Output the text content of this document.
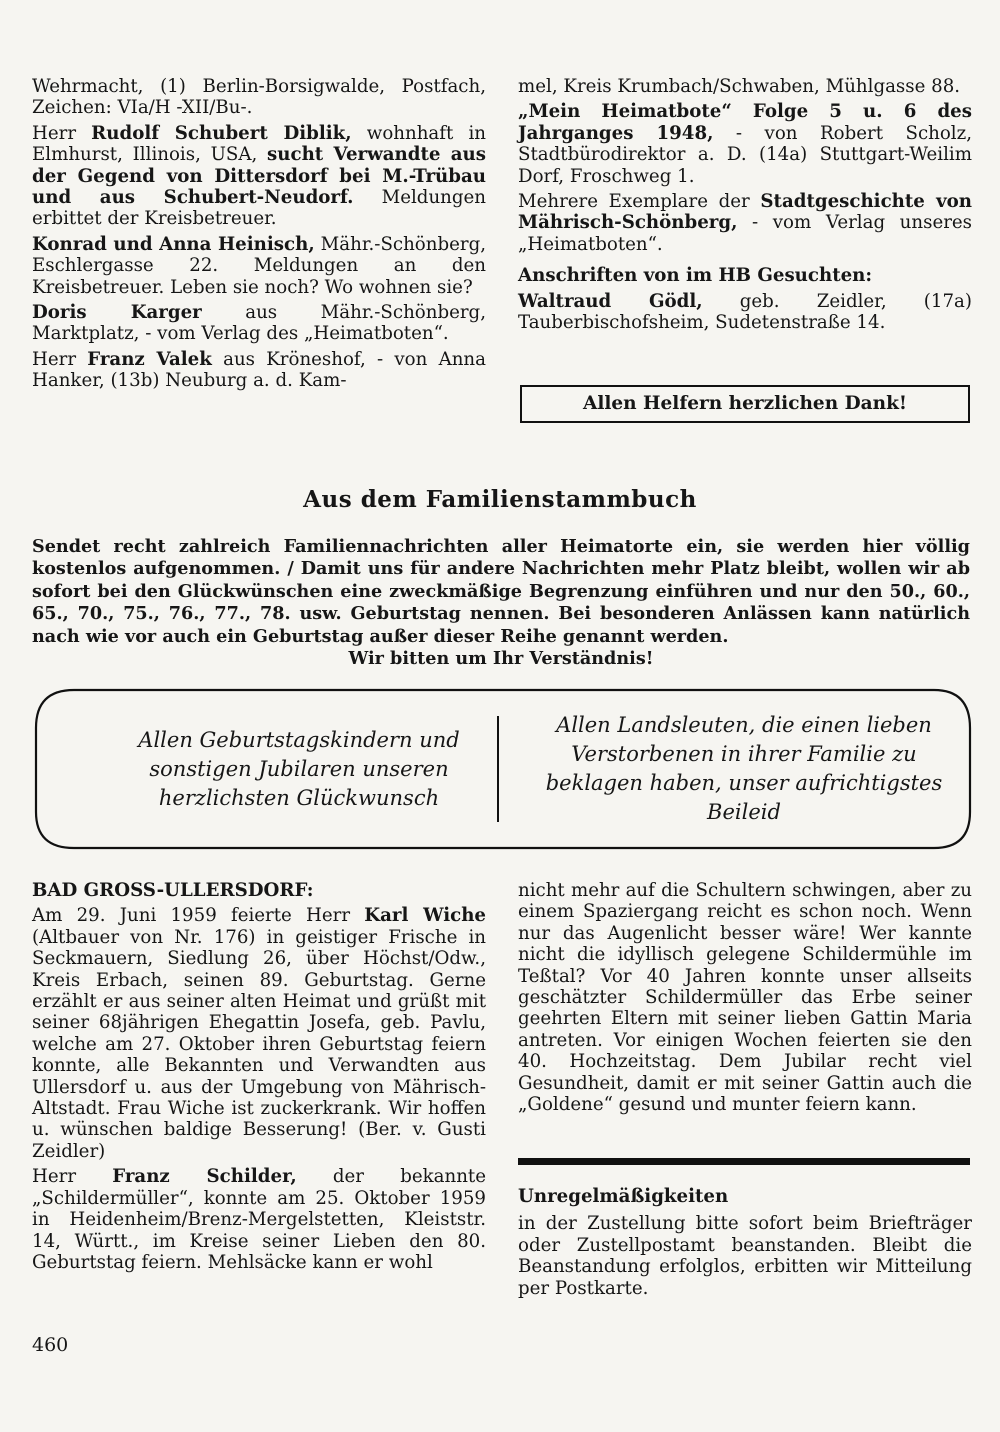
Wehrmacht, (1) Berlin-Borsigwalde, Postfach, Zeichen: VIa/H -XII/Bu-.

Herr Rudolf Schubert Diblik, wohnhaft in Elmhurst, Illinois, USA, sucht Verwandte aus der Gegend von Dittersdorf bei M.-Trübau und aus Schubert-Neudorf. Meldungen erbittet der Kreisbetreuer.

Konrad und Anna Heinisch, Mähr.-Schönberg, Eschlergasse 22. Meldungen an den Kreisbetreuer. Leben sie noch? Wo wohnen sie?

Doris Karger aus Mähr.-Schönberg, Marktplatz, - vom Verlag des „Heimatboten“.

Herr Franz Valek aus Kröneshof, - von Anna Hanker, (13b) Neuburg a. d. Kam-

mel, Kreis Krumbach/Schwaben, Mühlgasse 88.

„Mein Heimatbote“ Folge 5 u. 6 des Jahrganges 1948, - von Robert Scholz, Stadtbürodirektor a. D. (14a) Stuttgart-Weilim Dorf, Froschweg 1.

Mehrere Exemplare der Stadtgeschichte von Mährisch-Schönberg, - vom Verlag unseres „Heimatboten“.

Anschriften von im HB Gesuchten:

Waltraud Gödl, geb. Zeidler, (17a) Tauberbischofsheim, Sudetenstraße 14.

Allen Helfern herzlichen Dank!
Aus dem Familienstammbuch
Sendet recht zahlreich Familiennachrichten aller Heimatorte ein, sie werden hier völlig kostenlos aufgenommen. / Damit uns für andere Nachrichten mehr Platz bleibt, wollen wir ab sofort bei den Glückwünschen eine zweckmäßige Begrenzung einführen und nur den 50., 60., 65., 70., 75., 76., 77., 78. usw. Geburtstag nennen. Bei besonderen Anlässen kann natürlich nach wie vor auch ein Geburtstag außer dieser Reihe genannt werden.
Wir bitten um Ihr Verständnis!
Allen Geburtstagskindern und sonstigen Jubilaren unseren herzlichsten Glückwunsch
Allen Landsleuten, die einen lieben Verstorbenen in ihrer Familie zu beklagen haben, unser aufrichtigstes Beileid

BAD GROSS-ULLERSDORF:

Am 29. Juni 1959 feierte Herr Karl Wiche (Altbauer von Nr. 176) in geistiger Frische in Seckmauern, Siedlung 26, über Höchst/Odw., Kreis Erbach, seinen 89. Geburtstag. Gerne erzählt er aus seiner alten Heimat und grüßt mit seiner 68jährigen Ehegattin Josefa, geb. Pavlu, welche am 27. Oktober ihren Geburtstag feiern konnte, alle Bekannten und Verwandten aus Ullersdorf u. aus der Umgebung von Mährisch-Altstadt. Frau Wiche ist zuckerkrank. Wir hoffen u. wünschen baldige Besserung! (Ber. v. Gusti Zeidler)

Herr Franz Schilder, der bekannte „Schildermüller“, konnte am 25. Oktober 1959 in Heidenheim/Brenz-Mergelstetten, Kleiststr. 14, Württ., im Kreise seiner Lieben den 80. Geburtstag feiern. Mehlsäcke kann er wohl

nicht mehr auf die Schultern schwingen, aber zu einem Spaziergang reicht es schon noch. Wenn nur das Augenlicht besser wäre! Wer kannte nicht die idyllisch gelegene Schildermühle im Teßtal? Vor 40 Jahren konnte unser allseits geschätzter Schildermüller das Erbe seiner geehrten Eltern mit seiner lieben Gattin Maria antreten. Vor einigen Wochen feierten sie den 40. Hochzeitstag. Dem Jubilar recht viel Gesundheit, damit er mit seiner Gattin auch die „Goldene“ gesund und munter feiern kann.

Unregelmäßigkeiten
in der Zustellung bitte sofort beim Briefträger oder Zustellpostamt beanstanden. Bleibt die Beanstandung erfolglos, erbitten wir Mitteilung per Postkarte.
460
